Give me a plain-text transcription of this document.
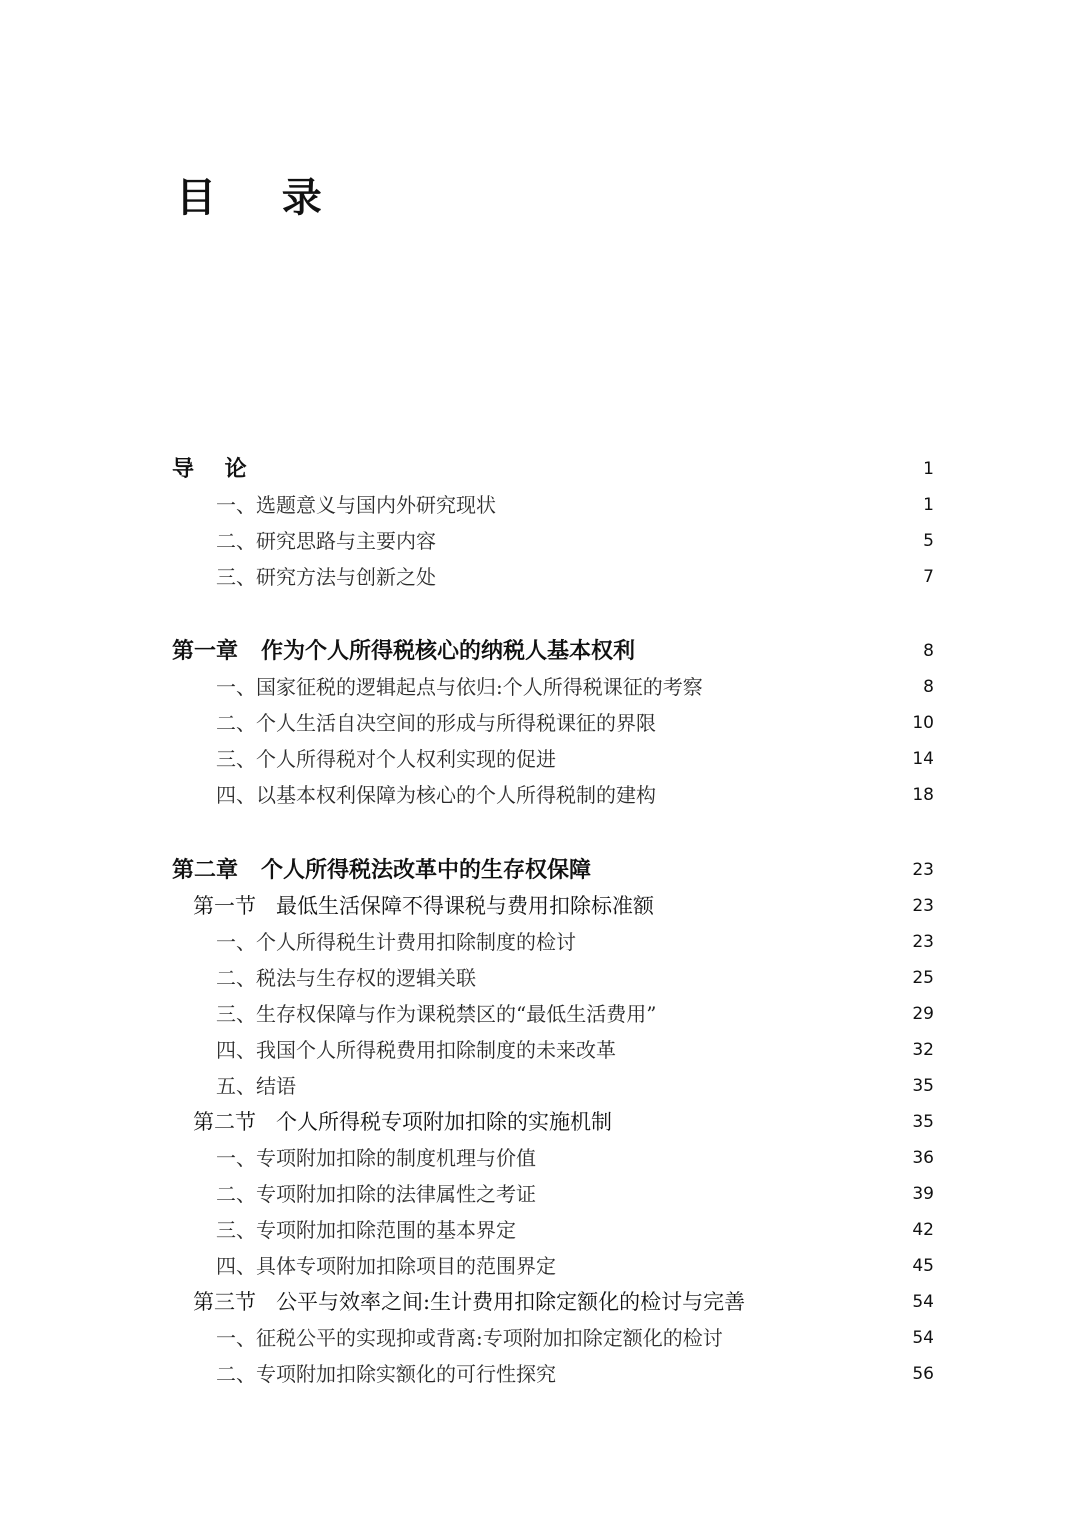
目    录
导    论	1
一、选题意义与国内外研究现状	1
二、研究思路与主要内容	5
三、研究方法与创新之处	7
第一章   作为个人所得税核心的纳税人基本权利	8
一、国家征税的逻辑起点与依归:个人所得税课征的考察	8
二、个人生活自决空间的形成与所得税课征的界限	10
三、个人所得税对个人权利实现的促进	14
四、以基本权利保障为核心的个人所得税制的建构	18
第二章   个人所得税法改革中的生存权保障	23
第一节   最低生活保障不得课税与费用扣除标准额	23
一、个人所得税生计费用扣除制度的检讨	23
二、税法与生存权的逻辑关联	25
三、生存权保障与作为课税禁区的“最低生活费用”	29
四、我国个人所得税费用扣除制度的未来改革	32
五、结语	35
第二节   个人所得税专项附加扣除的实施机制	35
一、专项附加扣除的制度机理与价值	36
二、专项附加扣除的法律属性之考证	39
三、专项附加扣除范围的基本界定	42
四、具体专项附加扣除项目的范围界定	45
第三节   公平与效率之间:生计费用扣除定额化的检讨与完善	54
一、征税公平的实现抑或背离:专项附加扣除定额化的检讨	54
二、专项附加扣除实额化的可行性探究	56
